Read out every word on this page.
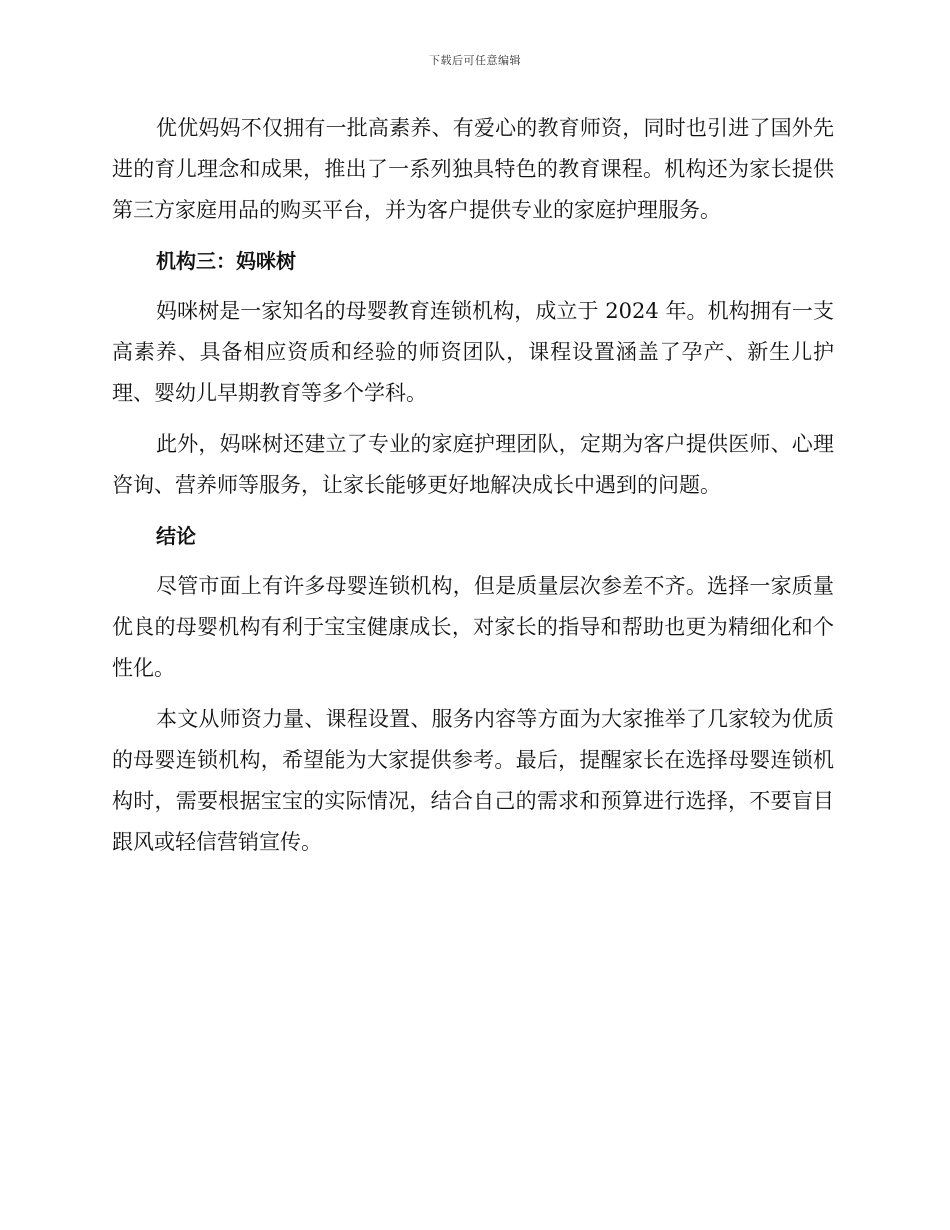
下载后可任意编辑

优优妈妈不仅拥有一批高素养、有爱心的教育师资，同时也引进了国外先进的育儿理念和成果，推出了一系列独具特色的教育课程。机构还为家长提供第三方家庭用品的购买平台，并为客户提供专业的家庭护理服务。

机构三：妈咪树

妈咪树是一家知名的母婴教育连锁机构，成立于 2024 年。机构拥有一支高素养、具备相应资质和经验的师资团队，课程设置涵盖了孕产、新生儿护理、婴幼儿早期教育等多个学科。

此外，妈咪树还建立了专业的家庭护理团队，定期为客户提供医师、心理咨询、营养师等服务，让家长能够更好地解决成长中遇到的问题。

结论

尽管市面上有许多母婴连锁机构，但是质量层次参差不齐。选择一家质量优良的母婴机构有利于宝宝健康成长，对家长的指导和帮助也更为精细化和个性化。

本文从师资力量、课程设置、服务内容等方面为大家推举了几家较为优质的母婴连锁机构，希望能为大家提供参考。最后，提醒家长在选择母婴连锁机构时，需要根据宝宝的实际情况，结合自己的需求和预算进行选择，不要盲目跟风或轻信营销宣传。
